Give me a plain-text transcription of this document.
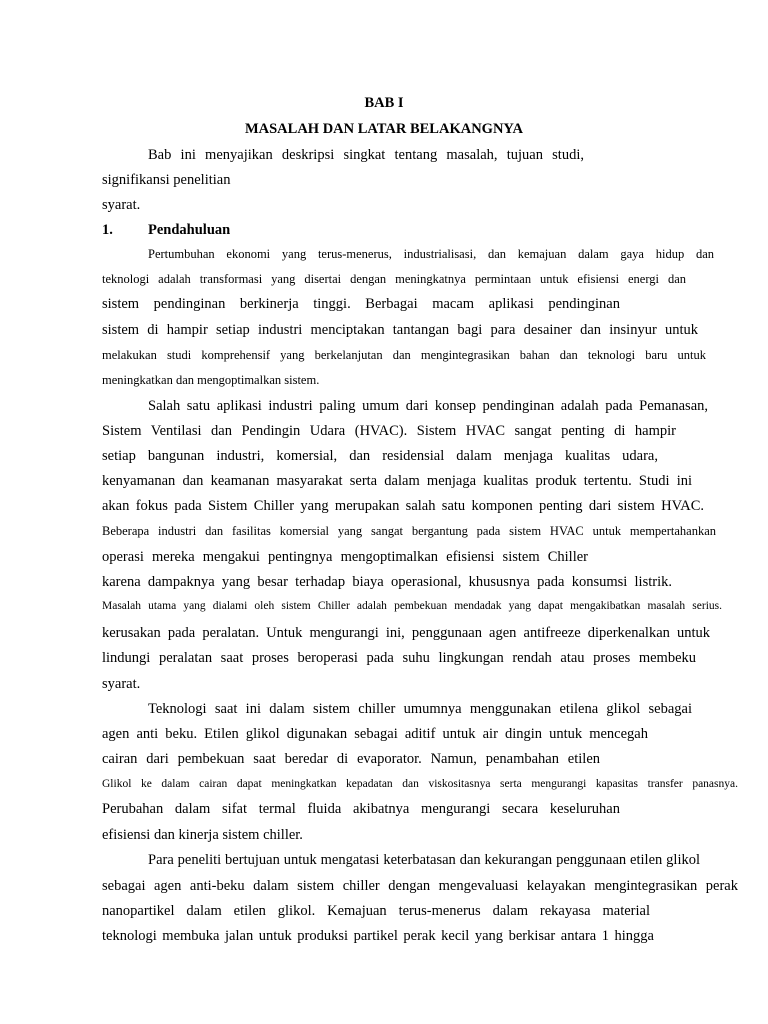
BAB I

MASALAH DAN LATAR BELAKANGNYA

Bab ini menyajikan deskripsi singkat tentang masalah, tujuan studi,

signifikansi penelitian

syarat.

1. Pendahuluan

Pertumbuhan ekonomi yang terus-menerus, industrialisasi, dan kemajuan dalam gaya hidup dan

teknologi adalah transformasi yang disertai dengan meningkatnya permintaan untuk efisiensi energi dan

sistem pendinginan berkinerja tinggi. Berbagai macam aplikasi pendinginan

sistem di hampir setiap industri menciptakan tantangan bagi para desainer dan insinyur untuk

melakukan studi komprehensif yang berkelanjutan dan mengintegrasikan bahan dan teknologi baru untuk

meningkatkan dan mengoptimalkan sistem.

Salah satu aplikasi industri paling umum dari konsep pendinginan adalah pada Pemanasan,

Sistem Ventilasi dan Pendingin Udara (HVAC). Sistem HVAC sangat penting di hampir

setiap bangunan industri, komersial, dan residensial dalam menjaga kualitas udara,

kenyamanan dan keamanan masyarakat serta dalam menjaga kualitas produk tertentu. Studi ini

akan fokus pada Sistem Chiller yang merupakan salah satu komponen penting dari sistem HVAC.

Beberapa industri dan fasilitas komersial yang sangat bergantung pada sistem HVAC untuk mempertahankan

operasi mereka mengakui pentingnya mengoptimalkan efisiensi sistem Chiller

karena dampaknya yang besar terhadap biaya operasional, khususnya pada konsumsi listrik.

Masalah utama yang dialami oleh sistem Chiller adalah pembekuan mendadak yang dapat mengakibatkan masalah serius.

kerusakan pada peralatan. Untuk mengurangi ini, penggunaan agen antifreeze diperkenalkan untuk

lindungi peralatan saat proses beroperasi pada suhu lingkungan rendah atau proses membeku

syarat.

Teknologi saat ini dalam sistem chiller umumnya menggunakan etilena glikol sebagai

agen anti beku. Etilen glikol digunakan sebagai aditif untuk air dingin untuk mencegah

cairan dari pembekuan saat beredar di evaporator. Namun, penambahan etilen

Glikol ke dalam cairan dapat meningkatkan kepadatan dan viskositasnya serta mengurangi kapasitas transfer panasnya.

Perubahan dalam sifat termal fluida akibatnya mengurangi secara keseluruhan

efisiensi dan kinerja sistem chiller.

Para peneliti bertujuan untuk mengatasi keterbatasan dan kekurangan penggunaan etilen glikol

sebagai agen anti-beku dalam sistem chiller dengan mengevaluasi kelayakan mengintegrasikan perak

nanopartikel dalam etilen glikol. Kemajuan terus-menerus dalam rekayasa material

teknologi membuka jalan untuk produksi partikel perak kecil yang berkisar antara 1 hingga
